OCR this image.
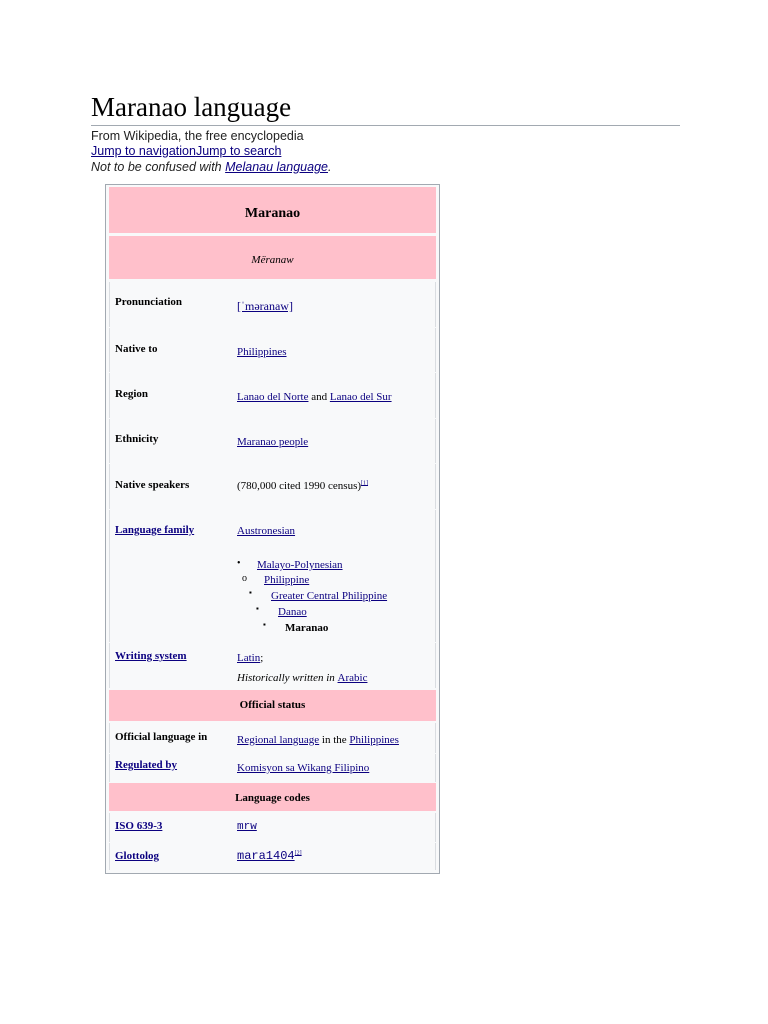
Maranao language
From Wikipedia, the free encyclopedia
Jump to navigationJump to search
Not to be confused with Melanau language.
Maranao
Mëranaw
Pronunciation	[ˈməranaw]
Native to	Philippines
Region	Lanao del Norte and Lanao del Sur
Ethnicity	Maranao people
Native speakers	(780,000 cited 1990 census)[1]
Language family	Austronesian
• Malayo-Polynesian
o Philippine
▪ Greater Central Philippine
▪ Danao
▪ Maranao
Writing system	Latin;
Historically written in Arabic
Official status
Official language in	Regional language in the Philippines
Regulated by	Komisyon sa Wikang Filipino
Language codes
ISO 639-3	mrw
Glottolog	mara1404[2]
